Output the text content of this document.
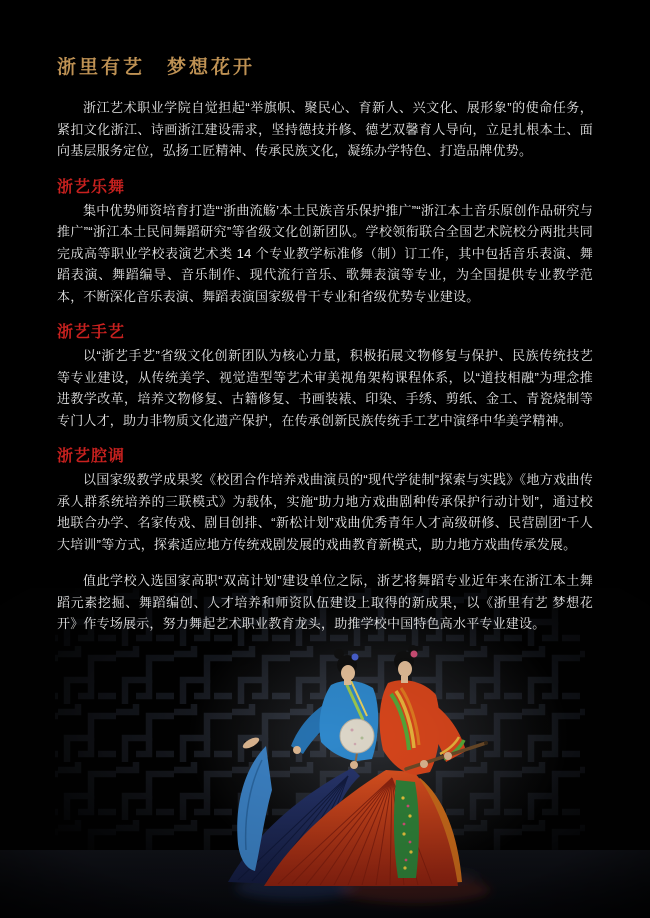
浙里有艺　梦想花开

浙江艺术职业学院自觉担起“举旗帜、聚民心、育新人、兴文化、展形象”的使命任务，紧扣文化浙江、诗画浙江建设需求，坚持德技并修、德艺双馨育人导向，立足扎根本土、面向基层服务定位，弘扬工匠精神、传承民族文化，凝练办学特色、打造品牌优势。

浙艺乐舞

集中优势师资培育打造“‘浙曲流觞’本土民族音乐保护推广”“浙江本土音乐原创作品研究与推广”“浙江本土民间舞蹈研究”等省级文化创新团队。学校领衔联合全国艺术院校分两批共同完成高等职业学校表演艺术类 14 个专业教学标准修（制）订工作，其中包括音乐表演、舞蹈表演、舞蹈编导、音乐制作、现代流行音乐、歌舞表演等专业，为全国提供专业教学范本，不断深化音乐表演、舞蹈表演国家级骨干专业和省级优势专业建设。

浙艺手艺

以“浙艺手艺”省级文化创新团队为核心力量，积极拓展文物修复与保护、民族传统技艺等专业建设，从传统美学、视觉造型等艺术审美视角架构课程体系，以“道技相融”为理念推进教学改革，培养文物修复、古籍修复、书画装裱、印染、手绣、剪纸、金工、青瓷烧制等专门人才，助力非物质文化遗产保护，在传承创新民族传统手工艺中演绎中华美学精神。

浙艺腔调

以国家级教学成果奖《校团合作培养戏曲演员的“现代学徒制”探索与实践》《地方戏曲传承人群系统培养的三联模式》为载体，实施“助力地方戏曲剧种传承保护行动计划”，通过校地联合办学、名家传戏、剧目创排、“新松计划”戏曲优秀青年人才高级研修、民营剧团“千人大培训”等方式，探索适应地方传统戏剧发展的戏曲教育新模式，助力地方戏曲传承发展。

值此学校入选国家高职“双高计划”建设单位之际，浙艺将舞蹈专业近年来在浙江本土舞蹈元素挖掘、舞蹈编创、人才培养和师资队伍建设上取得的新成果，以《浙里有艺 梦想花开》作专场展示，努力舞起艺术职业教育龙头，助推学校中国特色高水平专业建设。
